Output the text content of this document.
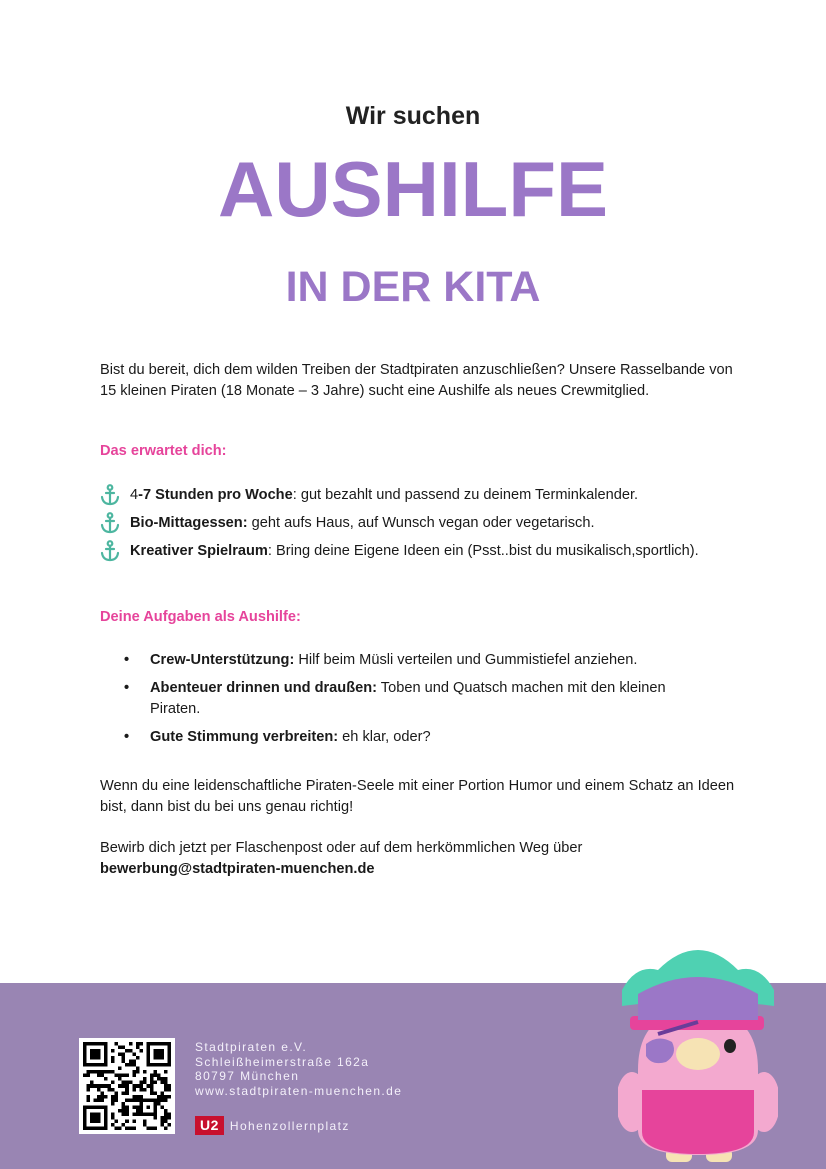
Wir suchen
AUSHILFE
IN DER KITA

Bist du bereit, dich dem wilden Treiben der Stadtpiraten anzuschließen? Unsere Rasselbande von 15 kleinen Piraten (18 Monate – 3 Jahre) sucht eine Aushilfe als neues Crewmitglied.

Das erwartet dich:
4-7 Stunden pro Woche: gut bezahlt und passend zu deinem Terminkalender.
Bio-Mittagessen: geht aufs Haus, auf Wunsch vegan oder vegetarisch.
Kreativer Spielraum: Bring deine Eigene Ideen ein (Psst..bist du musikalisch,sportlich).
Deine Aufgaben als Aushilfe:
• Crew-Unterstützung: Hilf beim Müsli verteilen und Gummistiefel anziehen.
• Abenteuer drinnen und draußen: Toben und Quatsch machen mit den kleinen Piraten.
• Gute Stimmung verbreiten: eh klar, oder?

Wenn du eine leidenschaftliche Piraten-Seele mit einer Portion Humor und einem Schatz an Ideen bist, dann bist du bei uns genau richtig!

Bewirb dich jetzt per Flaschenpost oder auf dem herkömmlichen Weg über
bewerbung@stadtpiraten-muenchen.de

Stadtpiraten e.V.
Schleißheimerstraße 162a
80797 München
www.stadtpiraten-muenchen.de
U2 Hohenzollernplatz
